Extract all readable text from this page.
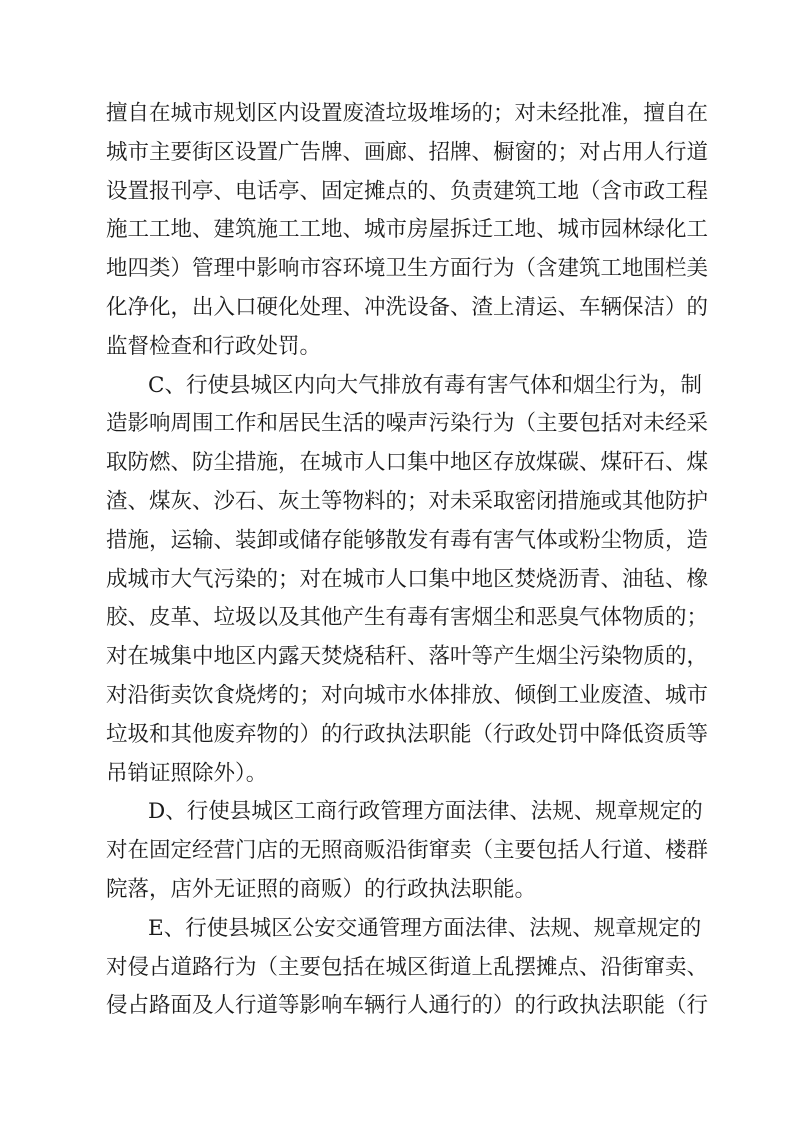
擅自在城市规划区内设置废渣垃圾堆场的；对未经批准，擅自在
城市主要街区设置广告牌、画廊、招牌、橱窗的；对占用人行道
设置报刊亭、电话亭、固定摊点的、负责建筑工地（含市政工程
施工工地、建筑施工工地、城市房屋拆迁工地、城市园林绿化工
地四类）管理中影响市容环境卫生方面行为（含建筑工地围栏美
化净化，出入口硬化处理、冲洗设备、渣上清运、车辆保洁）的
监督检查和行政处罚。
C、行使县城区内向大气排放有毒有害气体和烟尘行为，制
造影响周围工作和居民生活的噪声污染行为（主要包括对未经采
取防燃、防尘措施，在城市人口集中地区存放煤碳、煤矸石、煤
渣、煤灰、沙石、灰土等物料的；对未采取密闭措施或其他防护
措施，运输、装卸或储存能够散发有毒有害气体或粉尘物质，造
成城市大气污染的；对在城市人口集中地区焚烧沥青、油毡、橡
胶、皮革、垃圾以及其他产生有毒有害烟尘和恶臭气体物质的；
对在城集中地区内露天焚烧秸秆、落叶等产生烟尘污染物质的，
对沿街卖饮食烧烤的；对向城市水体排放、倾倒工业废渣、城市
垃圾和其他废弃物的）的行政执法职能（行政处罚中降低资质等
吊销证照除外）。
D、行使县城区工商行政管理方面法律、法规、规章规定的
对在固定经营门店的无照商贩沿街窜卖（主要包括人行道、楼群
院落，店外无证照的商贩）的行政执法职能。
E、行使县城区公安交通管理方面法律、法规、规章规定的
对侵占道路行为（主要包括在城区街道上乱摆摊点、沿街窜卖、
侵占路面及人行道等影响车辆行人通行的）的行政执法职能（行
